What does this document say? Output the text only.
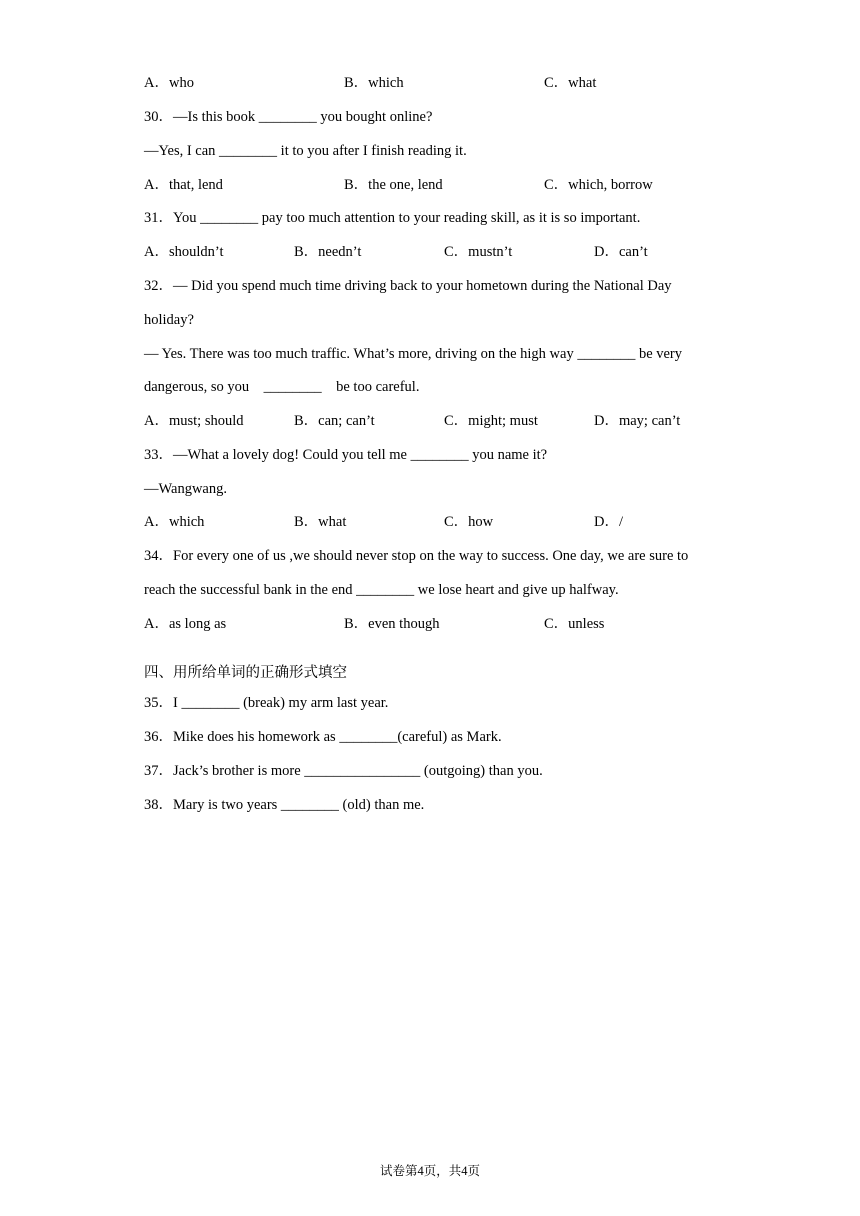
A．who	B．which	C．what
30．—Is this book ________ you bought online?
—Yes, I can ________ it to you after I finish reading it.
A．that, lend	B．the one, lend	C．which, borrow
31．You ________ pay too much attention to your reading skill, as it is so important.
A．shouldn’t	B．needn’t	C．mustn’t	D．can’t
32．— Did you spend much time driving back to your hometown during the National Day
holiday?
— Yes. There was too much traffic. What’s more, driving on the high way ________ be very
dangerous, so you    ________    be too careful.
A．must; should	B．can; can’t	C．might; must	D．may; can’t
33．—What a lovely dog! Could you tell me ________ you name it?
—Wangwang.
A．which	B．what	C．how	D．/
34．For every one of us ,we should never stop on the way to success. One day, we are sure to
reach the successful bank in the end ________ we lose heart and give up halfway.
A．as long as	B．even though	C．unless
四、用所给单词的正确形式填空
35．I ________ (break) my arm last year.
36．Mike does his homework as ________(careful) as Mark.
37．Jack’s brother is more ________________ (outgoing) than you.
38．Mary is two years ________ (old) than me.
试卷第4页，共4页
